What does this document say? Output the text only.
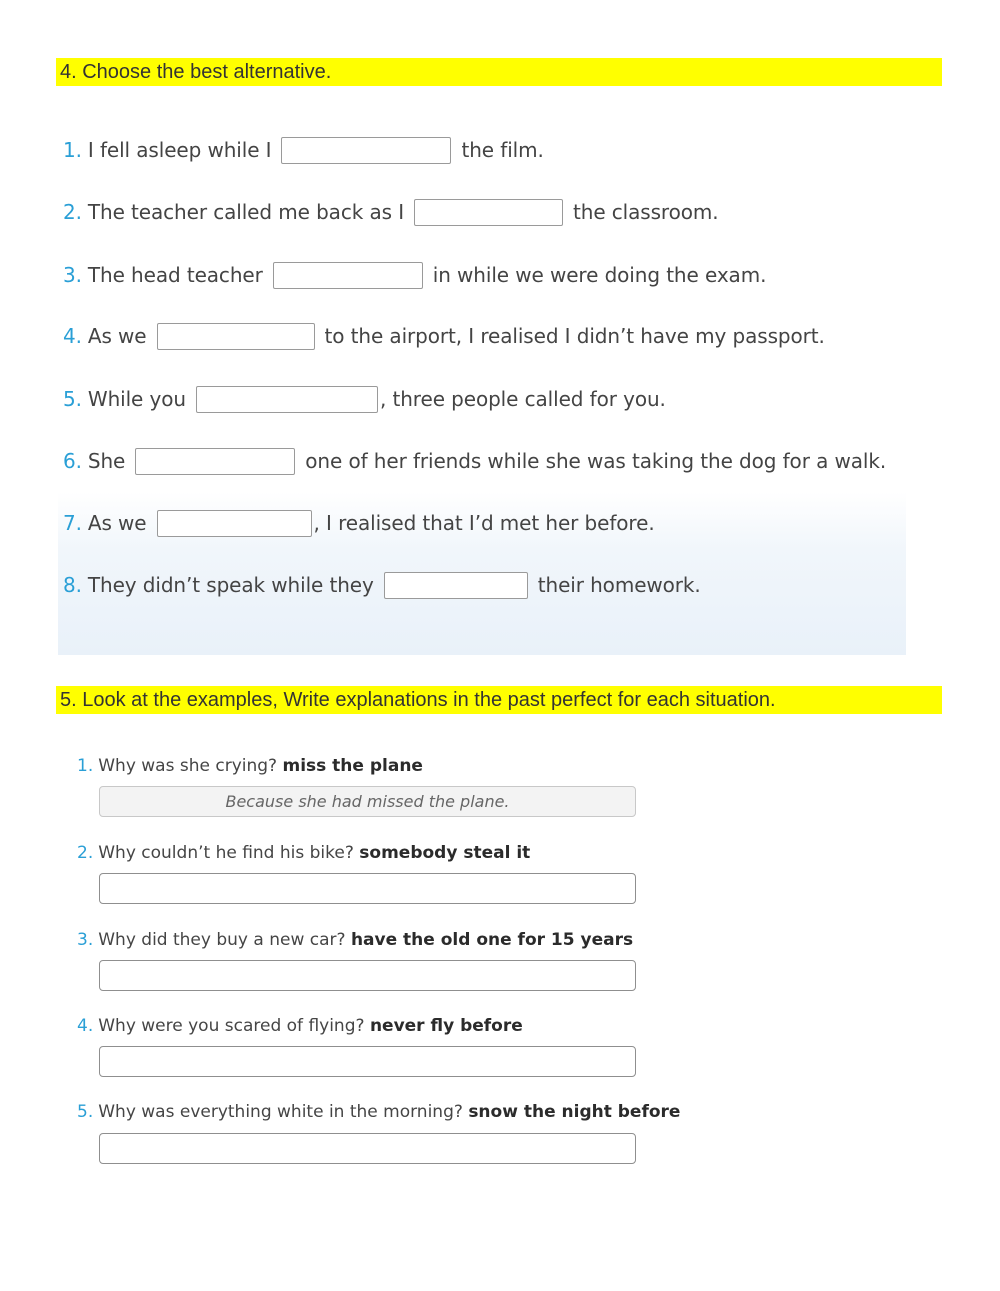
4. Choose the best alternative.
1. I fell asleep while I	the film.
2. The teacher called me back as I	the classroom.
3. The head teacher	in while we were doing the exam.
4. As we	to the airport, I realised I didn’t have my passport.
5. While you	, three people called for you.
6. She	one of her friends while she was taking the dog for a walk.
7. As we	, I realised that I’d met her before.
8. They didn’t speak while they	their homework.
5. Look at the examples, Write explanations in the past perfect for each situation.
1. Why was she crying? miss the plane
Because she had missed the plane.
2. Why couldn’t he find his bike? somebody steal it
3. Why did they buy a new car? have the old one for 15 years
4. Why were you scared of flying? never fly before
5. Why was everything white in the morning? snow the night before
